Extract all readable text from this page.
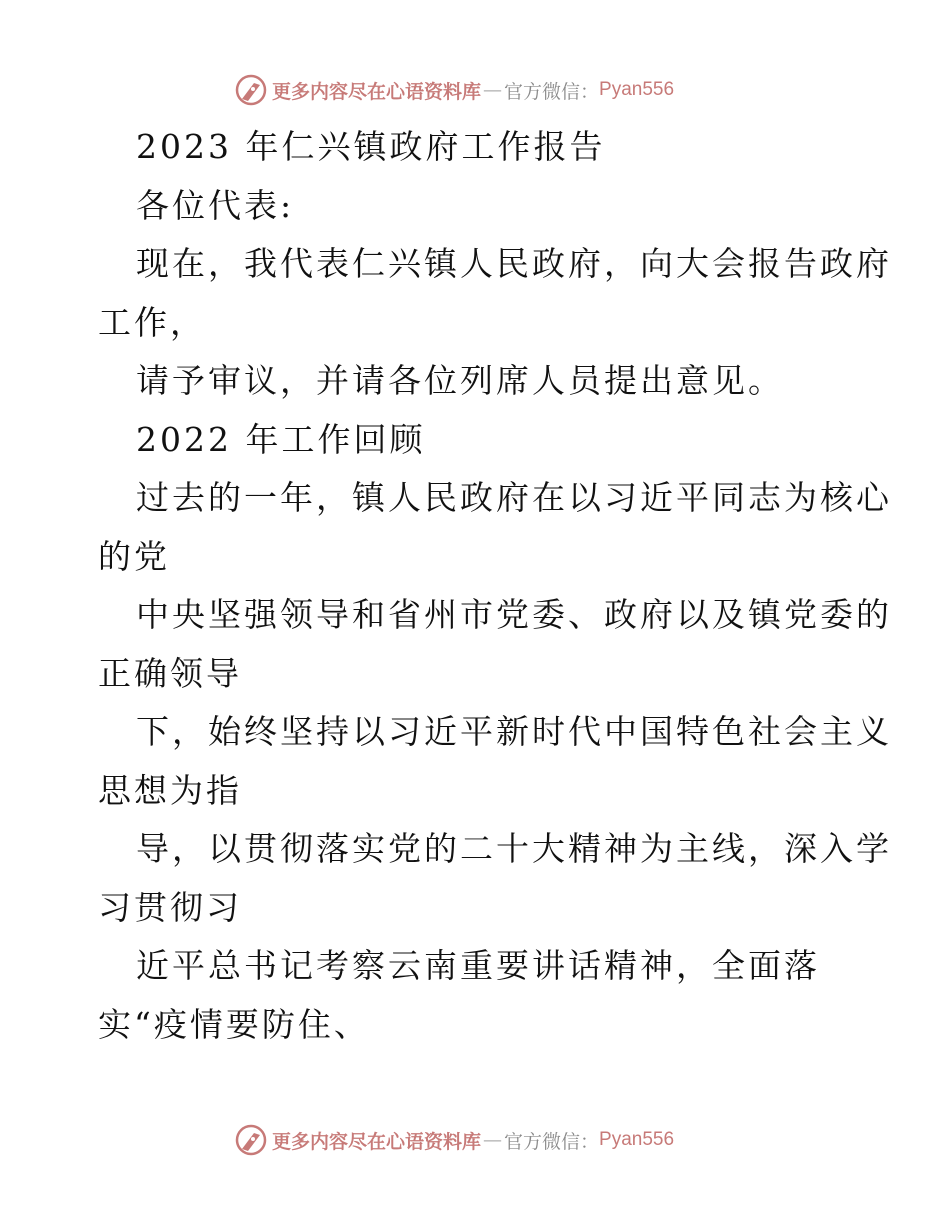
更多内容尽在心语资料库 — 官方微信： Pyan556
2023 年仁兴镇政府工作报告
各位代表:
现在，我代表仁兴镇人民政府，向大会报告政府
工作，
请予审议，并请各位列席人员提出意见。
2022 年工作回顾
过去的一年，镇人民政府在以习近平同志为核心
的党
中央坚强领导和省州市党委、政府以及镇党委的
正确领导
下，始终坚持以习近平新时代中国特色社会主义
思想为指
导，以贯彻落实党的二十大精神为主线，深入学
习贯彻习
近平总书记考察云南重要讲话精神，全面落
实“疫情要防住、
更多内容尽在心语资料库 — 官方微信： Pyan556
